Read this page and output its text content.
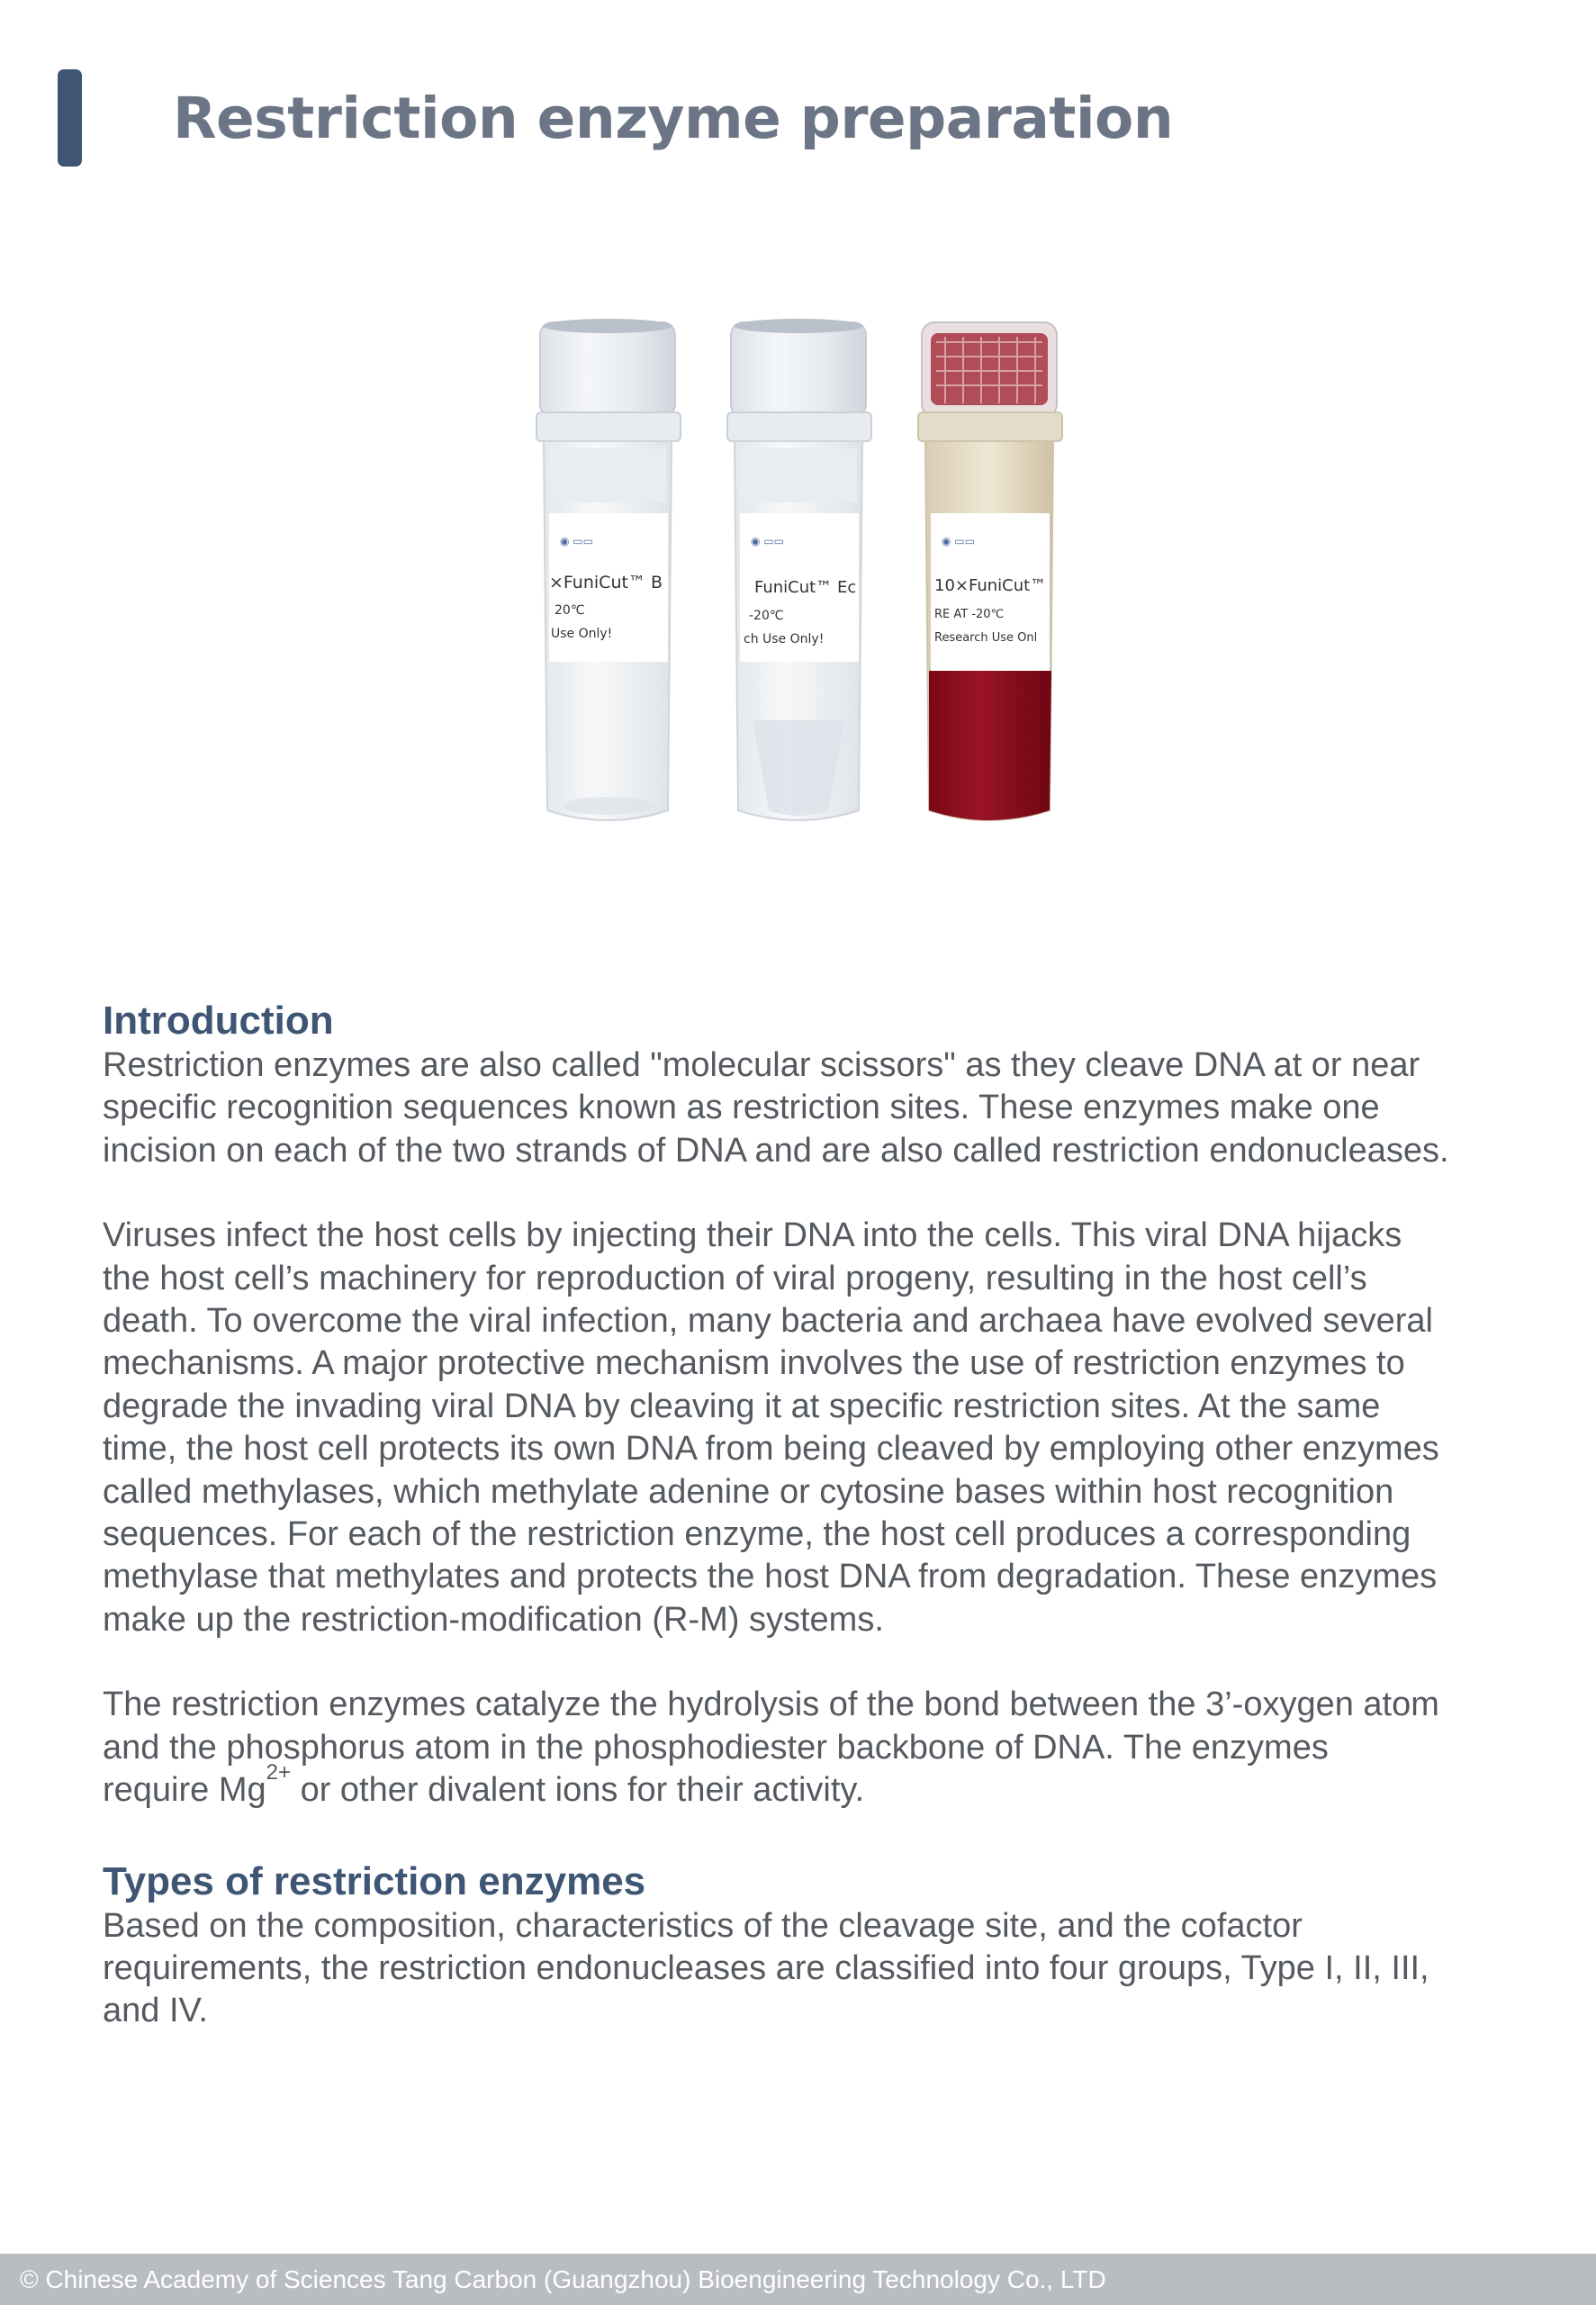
Restriction enzyme preparation
◉ ▭▭
×FuniCut™ B
20℃
Use Only!
◉ ▭▭
FuniCut™ Ec
-20℃
ch Use Only!
◉ ▭▭
10×FuniCut™
RE AT -20℃
Research Use Onl
Introduction

Restriction enzymes are also called "molecular scissors" as they cleave DNA at or near
specific recognition sequences known as restriction sites. These enzymes make one
incision on each of the two strands of DNA and are also called restriction endonucleases.

Viruses infect the host cells by injecting their DNA into the cells. This viral DNA hijacks
the host cell’s machinery for reproduction of viral progeny, resulting in the host cell’s
death. To overcome the viral infection, many bacteria and archaea have evolved several
mechanisms. A major protective mechanism involves the use of restriction enzymes to
degrade the invading viral DNA by cleaving it at specific restriction sites. At the same
time, the host cell protects its own DNA from being cleaved by employing other enzymes
called methylases, which methylate adenine or cytosine bases within host recognition
sequences. For each of the restriction enzyme, the host cell produces a corresponding
methylase that methylates and protects the host DNA from degradation. These enzymes
make up the restriction-modification (R-M) systems.

The restriction enzymes catalyze the hydrolysis of the bond between the 3’-oxygen atom
and the phosphorus atom in the phosphodiester backbone of DNA. The enzymes
require $Mg^{2+}$ or other divalent ions for their activity.

Types of restriction enzymes

Based on the composition, characteristics of the cleavage site, and the cofactor
requirements, the restriction endonucleases are classified into four groups, Type I, II, III,
and IV.

© Chinese Academy of Sciences Tang Carbon (Guangzhou) Bioengineering Technology Co., LTD
